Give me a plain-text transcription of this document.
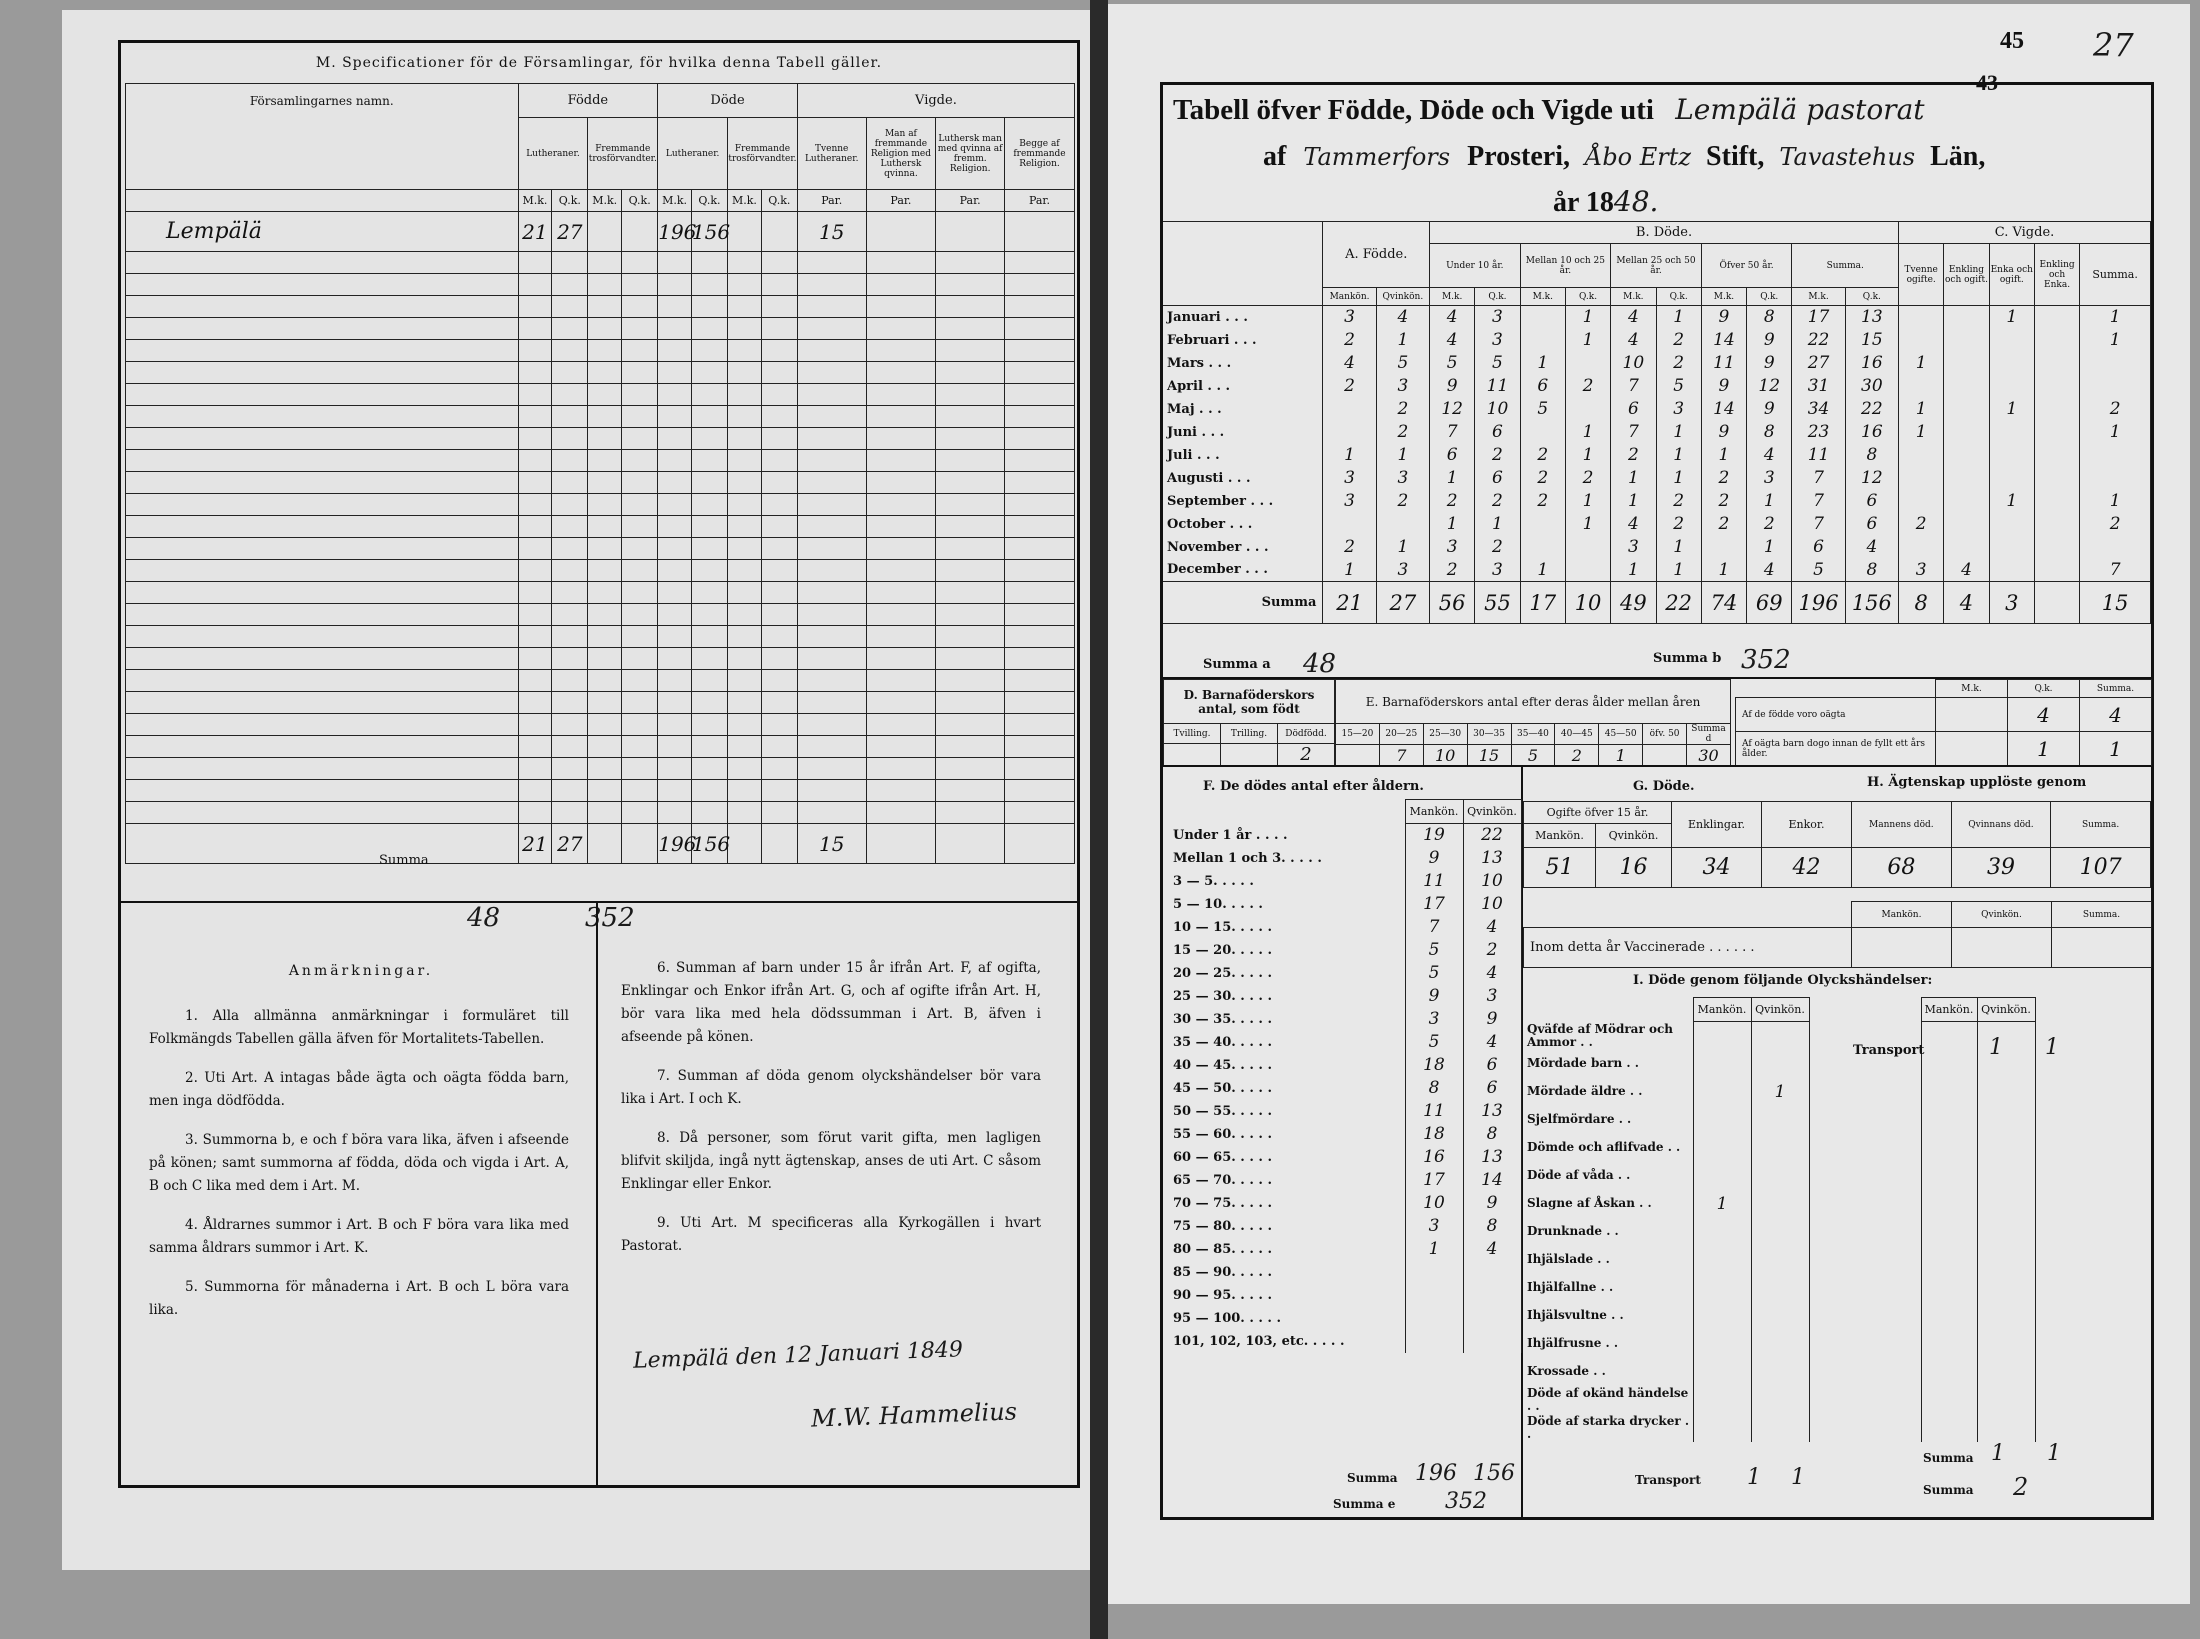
M. Specificationer för de Församlingar, för hvilka denna Tabell gäller.
Församlingarnes namn.	Födde				Döde				Vigde.			
	Lutheraner.		Fremmande trosförvandter.		Lutheraner.		Fremmande trosförvandter.		Tvenne Lutheraner.	Man af fremmande Religion med Luthersk qvinna.	Luthersk man med qvinna af fremm. Religion.	Begge af fremmande Religion.
	M.k.	Q.k.	M.k.	Q.k.	M.k.	Q.k.	M.k.	Q.k.	Par.	Par.	Par.	Par.
Lempälä	21	27			196	156			15			

	21	27			196	156			15			
Summa
48	352
Anmärkningar.

1. Alla allmänna anmärkningar i formuläret till Folkmängds Tabellen gälla äfven för Mortalitets-Tabellen.

2. Uti Art. A intagas både ägta och oägta födda barn, men inga dödfödda.

3. Summorna b, e och f böra vara lika, äfven i afseende på könen; samt summorna af födda, döda och vigda i Art. A, B och C lika med dem i Art. M.

4. Åldrarnes summor i Art. B och F böra vara lika med samma åldrars summor i Art. K.

5. Summorna för månaderna i Art. B och L böra vara lika.

6. Summan af barn under 15 år ifrån Art. F, af ogifta, Enklingar och Enkor ifrån Art. G, och af ogifte ifrån Art. H, bör vara lika med hela dödssumman i Art. B, äfven i afseende på könen.

7. Summan af döda genom olyckshändelser bör vara lika i Art. I och K.

8. Då personer, som förut varit gifta, men lagligen blifvit skiljda, ingå nytt ägtenskap, anses de uti Art. C såsom Enklingar eller Enkor.

9. Uti Art. M specificeras alla Kyrkogällen i hvart Pastorat.

Lempälä den 12 Januari 1849
M.W. Hammelius
45 27
43
Tabell öfver Födde, Döde och Vigde uti Lempälä pastorat
af Tammerfors Prosteri, Åbo Ertz Stift, Tavastehus Län,
år 1848.
	A. Födde.		B. Döde.										C. Vigde.				
			Under 10 år.		Mellan 10 och 25 år.		Mellan 25 och 50 år.		Öfver 50 år.		Summa.		Tvenne ogifte.	Enkling och ogift.	Enka och ogift.	Enkling och Enka.	Summa.
	Mankön.	Qvinkön.	M.k.	Q.k.	M.k.	Q.k.	M.k.	Q.k.	M.k.	Q.k.	M.k.	Q.k.					
Januari . . .	3	4	4	3		1	4	1	9	8	17	13			1		1
Februari . . .	2	1	4	3		1	4	2	14	9	22	15					1
Mars . . .	4	5	5	5	1		10	2	11	9	27	16	1				
April . . .	2	3	9	11	6	2	7	5	9	12	31	30					
Maj . . .		2	12	10	5		6	3	14	9	34	22	1		1		2
Juni . . .		2	7	6		1	7	1	9	8	23	16	1				1
Juli . . .	1	1	6	2	2	1	2	1	1	4	11	8					
Augusti . . .	3	3	1	6	2	2	1	1	2	3	7	12					
September . . .	3	2	2	2	2	1	1	2	2	1	7	6			1		1
October . . .			1	1		1	4	2	2	2	7	6	2				2
November . . .	2	1	3	2			3	1		1	6	4					
December . . .	1	3	2	3	1		1	1	1	4	5	8	3	4			7
Summa	21	27	56	55	17	10	49	22	74	69	196	156	8	4	3		15
Summa a 48	Summa b 352
D. Barnaföderskors antal, som födt		
Tvilling.	Trilling.	Dödfödd.
		2
E. Barnaföderskors antal efter deras ålder mellan åren								
15—20	20—25	25—30	30—35	35—40	40—45	45—50	öfv. 50	Summa d
	7	10	15	5	2	1		30
	M.k.	Q.k.	Summa.
Af de födde voro oägta		4	4
Af oägta barn dogo innan de fyllt ett års ålder.		1	1
F. De dödes antal efter åldern.
	Mankön.	Qvinkön.
Under 1 år . . . .	19	22
Mellan 1 och 3. . . . .	9	13
3 — 5. . . . .	11	10
5 — 10. . . . .	17	10
10 — 15. . . . .	7	4
15 — 20. . . . .	5	2
20 — 25. . . . .	5	4
25 — 30. . . . .	9	3
30 — 35. . . . .	3	9
35 — 40. . . . .	5	4
40 — 45. . . . .	18	6
45 — 50. . . . .	8	6
50 — 55. . . . .	11	13
55 — 60. . . . .	18	8
60 — 65. . . . .	16	13
65 — 70. . . . .	17	14
70 — 75. . . . .	10	9
75 — 80. . . . .	3	8
80 — 85. . . . .	1	4
85 — 90. . . . .		
90 — 95. . . . .		
95 — 100. . . . .		
101, 102, 103, etc. . . . .		
Summa e 352
G. Döde.	H. Ägtenskap upplöste genom
Ogifte öfver 15 år.		Enklingar.	Enkor.
Mankön.	Qvinkön.		
51	16	34	42
Mannens död.	Qvinnans död.	Summa.
68	39	107
	Mankön.	Qvinkön.	Summa.
Inom detta år Vaccinerade . . . . . .			
I. Döde genom följande Olyckshändelser:
	Mankön.	Qvinkön.		Mankön.	Qvinkön.	
Qväfde af Mödrar och Ammor . .						
Mördade barn . .						
Mördade äldre . .		1				
Sjelfmördare . .						
Dömde och aflifvade . .						
Döde af våda . .						
Slagne af Åskan . .	1					
Drunknade . .						
Ihjälslade . .						
Ihjälfallne . .						
Ihjälsvultne . .						
Ihjälfrusne . .						
Krossade . .						
Döde af okänd händelse . .						
Döde af starka drycker . .						
Transport	1 1
Summa 1 1
Summa 2
Transport 1 1
Summa 196 156
